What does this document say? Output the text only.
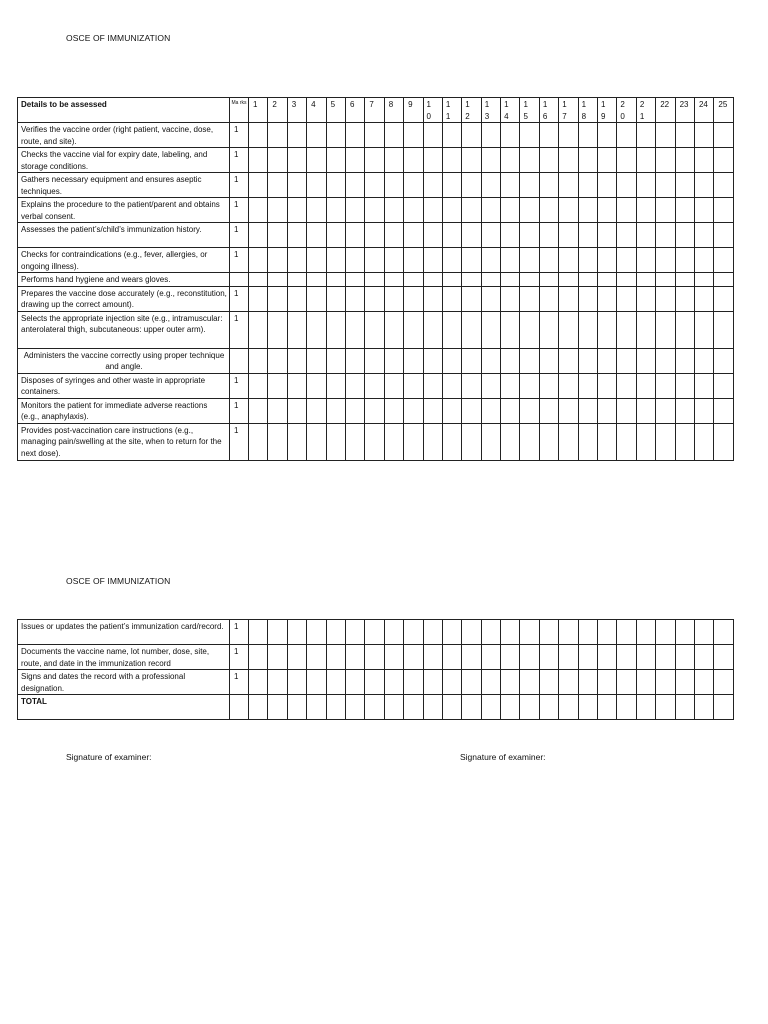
OSCE OF IMMUNIZATION
Details to be assessed	Ma rks	1	2	3	4	5	6	7	8	9	10	11	12	13	14	15	16	17	18	19	20	21	22	23	24	25

Verifies the vaccine order (right patient, vaccine, dose, route, and site).	1																									
Checks the vaccine vial for expiry date, labeling, and storage conditions.	1																									
Gathers necessary equipment and ensures aseptic techniques.	1																									
Explains the procedure to the patient/parent and obtains verbal consent.	1																									
Assesses the patient’s/child’s immunization history.	1																									
Checks for contraindications (e.g., fever, allergies, or ongoing illness).	1																									
Performs hand hygiene and wears gloves.																										
Prepares the vaccine dose accurately (e.g., reconstitution, drawing up the correct amount).	1																									
Selects the appropriate injection site (e.g., intramuscular: anterolateral thigh, subcutaneous: upper outer arm).	1																									
Administers the vaccine correctly using proper technique and angle.																										
Disposes of syringes and other waste in appropriate containers.	1																									
Monitors the patient for immediate adverse reactions (e.g., anaphylaxis).	1																									
Provides post-vaccination care instructions (e.g., managing pain/swelling at the site, when to return for the next dose).	1																									
OSCE OF IMMUNIZATION
Issues or updates the patient’s immunization card/record.	1																									
Documents the vaccine name, lot number, dose, site, route, and date in the immunization record	1																									
Signs and dates the record with a professional designation.	1																									
TOTAL																										
Signature of examiner:	Signature of examiner:
